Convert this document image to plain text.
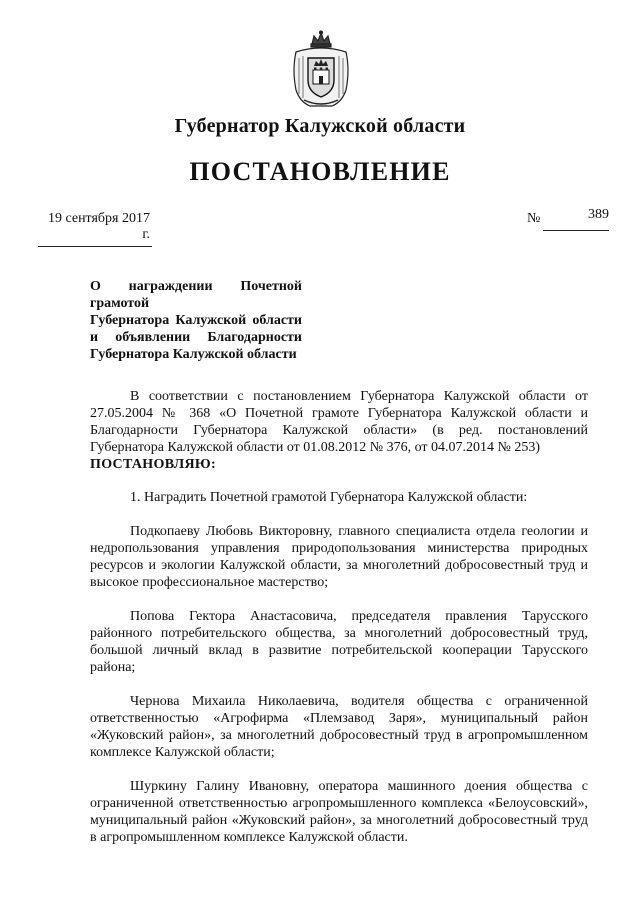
Губернатор Калужской области
ПОСТАНОВЛЕНИЕ
19 сентября 2017 г.
№	389
О награждении Почетной грамотой
Губернатора Калужской области
и объявлении Благодарности
Губернатора Калужской области

В соответствии с постановлением Губернатора Калужской области от 27.05.2004 № 368 «О Почетной грамоте Губернатора Калужской области и Благодарности Губернатора Калужской области» (в ред. постановлений Губернатора Калужской области от 01.08.2012 № 376, от 04.07.2014 № 253)

ПОСТАНОВЛЯЮ:

1. Наградить Почетной грамотой Губернатора Калужской области:

Подкопаеву Любовь Викторовну, главного специалиста отдела геологии и недропользования управления природопользования министерства природных ресурсов и экологии Калужской области, за многолетний добросовестный труд и высокое профессиональное мастерство;

Попова Гектора Анастасовича, председателя правления Тарусского районного потребительского общества, за многолетний добросовестный труд, большой личный вклад в развитие потребительской кооперации Тарусского района;

Чернова Михаила Николаевича, водителя общества с ограниченной ответственностью «Агрофирма «Племзавод Заря», муниципальный район «Жуковский район», за многолетний добросовестный труд в агропромышленном комплексе Калужской области;

Шуркину Галину Ивановну, оператора машинного доения общества с ограниченной ответственностью агропромышленного комплекса «Белоусовский», муниципальный район «Жуковский район», за многолетний добросовестный труд в агропромышленном комплексе Калужской области.
